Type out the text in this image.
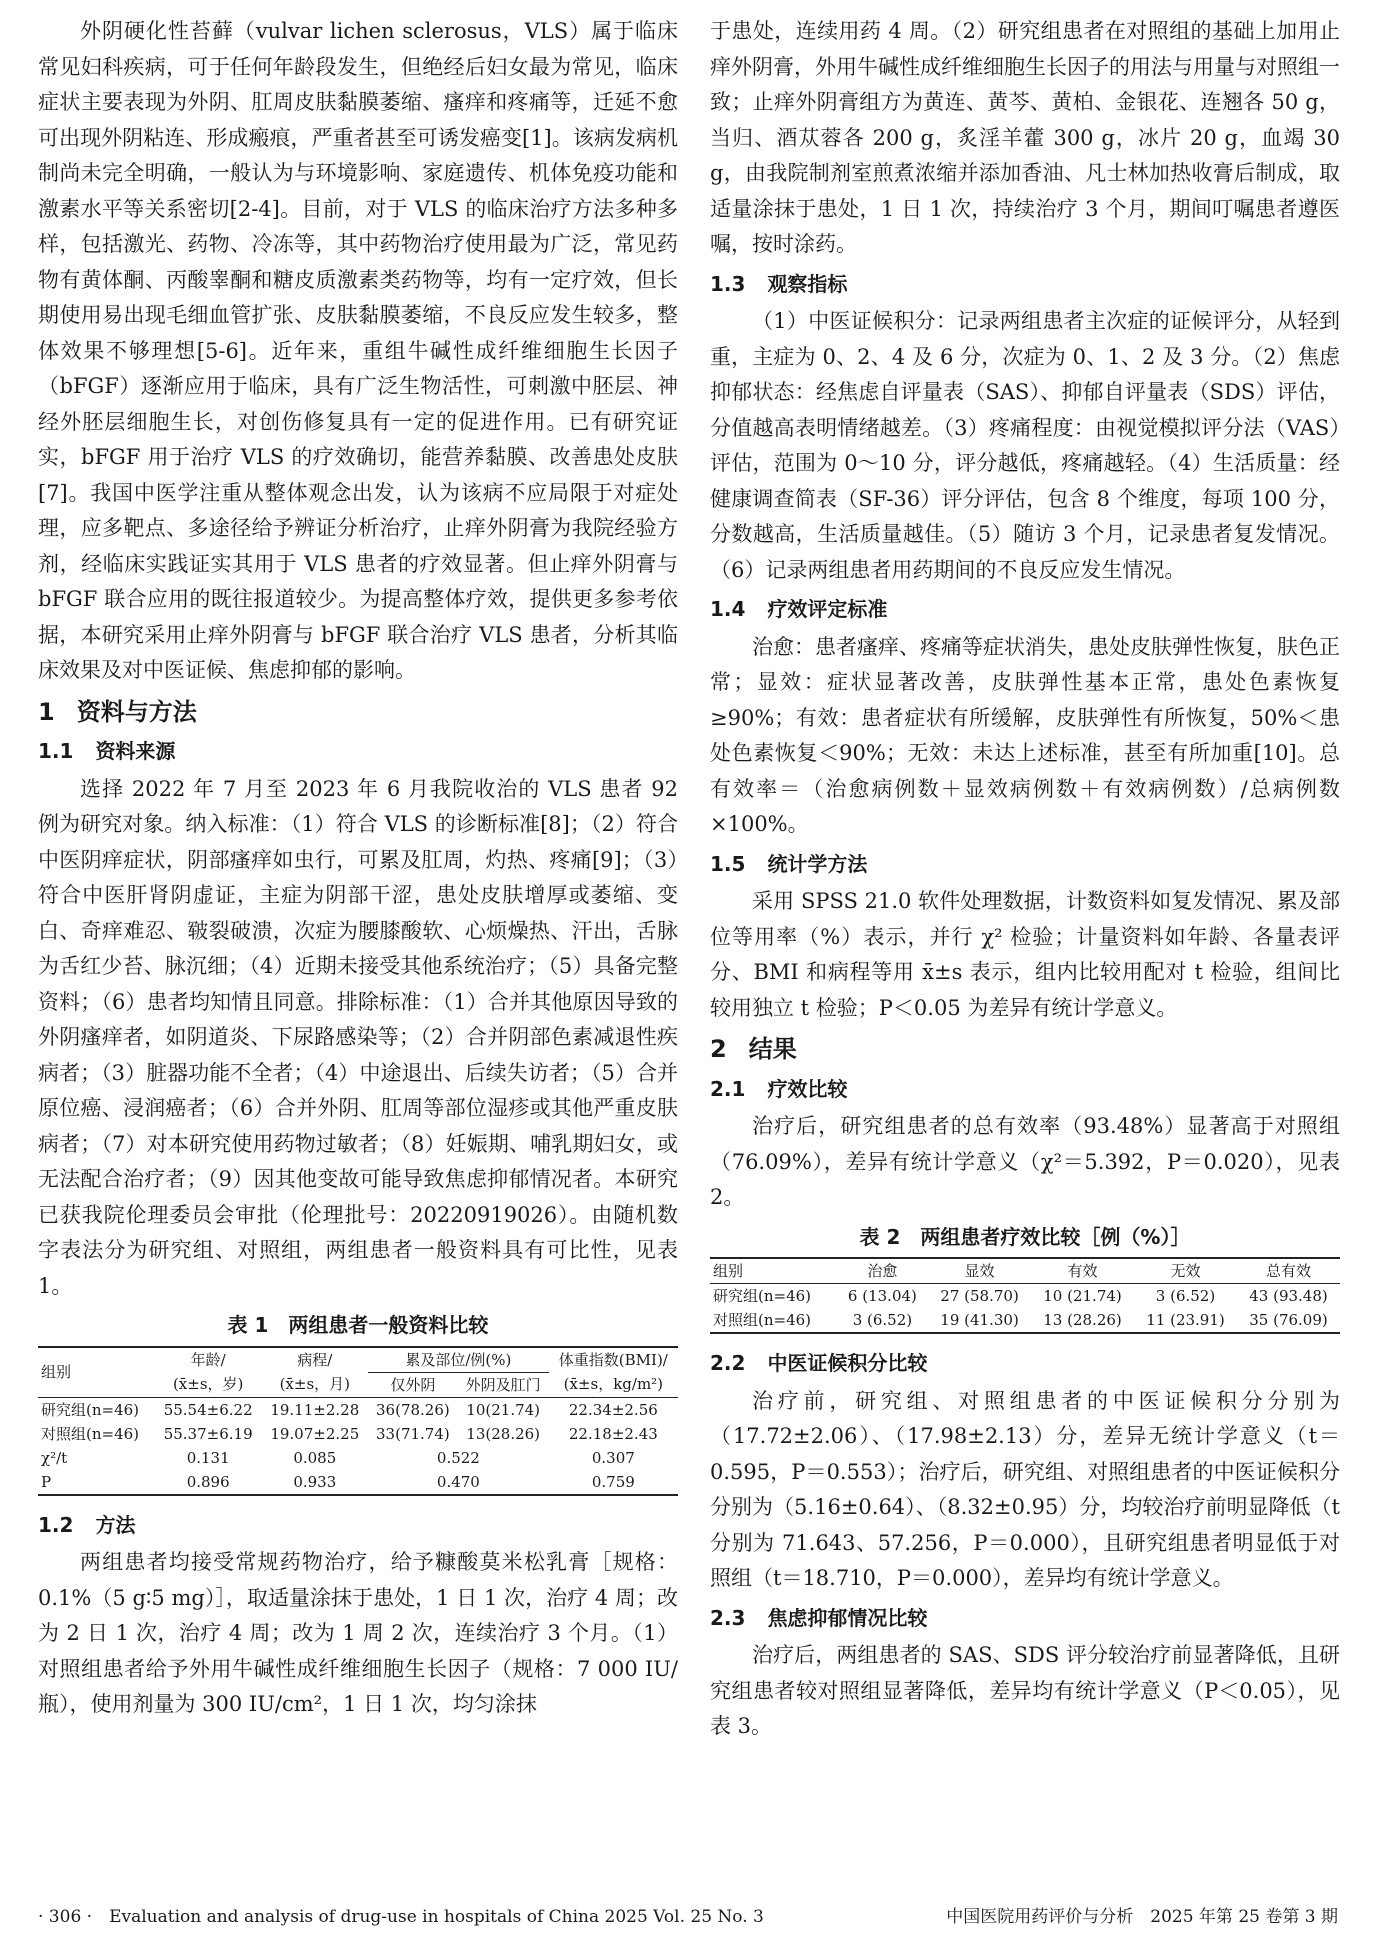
外阴硬化性苔藓（vulvar lichen sclerosus，VLS）属于临床常见妇科疾病，可于任何年龄段发生，但绝经后妇女最为常见，临床症状主要表现为外阴、肛周皮肤黏膜萎缩、瘙痒和疼痛等，迁延不愈可出现外阴粘连、形成瘢痕，严重者甚至可诱发癌变[1]。该病发病机制尚未完全明确，一般认为与环境影响、家庭遗传、机体免疫功能和激素水平等关系密切[2-4]。目前，对于 VLS 的临床治疗方法多种多样，包括激光、药物、冷冻等，其中药物治疗使用最为广泛，常见药物有黄体酮、丙酸睾酮和糖皮质激素类药物等，均有一定疗效，但长期使用易出现毛细血管扩张、皮肤黏膜萎缩，不良反应发生较多，整体效果不够理想[5-6]。近年来，重组牛碱性成纤维细胞生长因子（bFGF）逐渐应用于临床，具有广泛生物活性，可刺激中胚层、神经外胚层细胞生长，对创伤修复具有一定的促进作用。已有研究证实，bFGF 用于治疗 VLS 的疗效确切，能营养黏膜、改善患处皮肤[7]。我国中医学注重从整体观念出发，认为该病不应局限于对症处理，应多靶点、多途径给予辨证分析治疗，止痒外阴膏为我院经验方剂，经临床实践证实其用于 VLS 患者的疗效显著。但止痒外阴膏与 bFGF 联合应用的既往报道较少。为提高整体疗效，提供更多参考依据，本研究采用止痒外阴膏与 bFGF 联合治疗 VLS 患者，分析其临床效果及对中医证候、焦虑抑郁的影响。

1 资料与方法
1.1 资料来源

选择 2022 年 7 月至 2023 年 6 月我院收治的 VLS 患者 92 例为研究对象。纳入标准：（1）符合 VLS 的诊断标准[8]；（2）符合中医阴痒症状，阴部瘙痒如虫行，可累及肛周，灼热、疼痛[9]；（3）符合中医肝肾阴虚证，主症为阴部干涩，患处皮肤增厚或萎缩、变白、奇痒难忍、皲裂破溃，次症为腰膝酸软、心烦燥热、汗出，舌脉为舌红少苔、脉沉细；（4）近期未接受其他系统治疗；（5）具备完整资料；（6）患者均知情且同意。排除标准：（1）合并其他原因导致的外阴瘙痒者，如阴道炎、下尿路感染等；（2）合并阴部色素减退性疾病者；（3）脏器功能不全者；（4）中途退出、后续失访者；（5）合并原位癌、浸润癌者；（6）合并外阴、肛周等部位湿疹或其他严重皮肤病者；（7）对本研究使用药物过敏者；（8）妊娠期、哺乳期妇女，或无法配合治疗者；（9）因其他变故可能导致焦虑抑郁情况者。本研究已获我院伦理委员会审批（伦理批号：20220919026）。由随机数字表法分为研究组、对照组，两组患者一般资料具有可比性，见表 1。

表 1　两组患者一般资料比较
组别	年龄/	病程/	累及部位/例(%)		体重指数(BMI)/
	(x̄±s，岁)	(x̄±s，月)	仅外阴	外阴及肛门	(x̄±s，kg/m²)
研究组(n=46)	55.54±6.22	19.11±2.28	36(78.26)	10(21.74)	22.34±2.56
对照组(n=46)	55.37±6.19	19.07±2.25	33(71.74)	13(28.26)	22.18±2.43
χ²/t	0.131	0.085	0.522		0.307
P	0.896	0.933	0.470		0.759
1.2 方法

两组患者均接受常规药物治疗，给予糠酸莫米松乳膏［规格：0.1%（5 g∶5 mg）］，取适量涂抹于患处，1 日 1 次，治疗 4 周；改为 2 日 1 次，治疗 4 周；改为 1 周 2 次，连续治疗 3 个月。（1）对照组患者给予外用牛碱性成纤维细胞生长因子（规格：7 000 IU/瓶），使用剂量为 300 IU/cm²，1 日 1 次，均匀涂抹

于患处，连续用药 4 周。（2）研究组患者在对照组的基础上加用止痒外阴膏，外用牛碱性成纤维细胞生长因子的用法与用量与对照组一致；止痒外阴膏组方为黄连、黄芩、黄柏、金银花、连翘各 50 g，当归、酒苁蓉各 200 g，炙淫羊藿 300 g，冰片 20 g，血竭 30 g，由我院制剂室煎煮浓缩并添加香油、凡士林加热收膏后制成，取适量涂抹于患处，1 日 1 次，持续治疗 3 个月，期间叮嘱患者遵医嘱，按时涂药。

1.3 观察指标

（1）中医证候积分：记录两组患者主次症的证候评分，从轻到重，主症为 0、2、4 及 6 分，次症为 0、1、2 及 3 分。（2）焦虑抑郁状态：经焦虑自评量表（SAS）、抑郁自评量表（SDS）评估，分值越高表明情绪越差。（3）疼痛程度：由视觉模拟评分法（VAS）评估，范围为 0～10 分，评分越低，疼痛越轻。（4）生活质量：经健康调查简表（SF-36）评分评估，包含 8 个维度，每项 100 分，分数越高，生活质量越佳。（5）随访 3 个月，记录患者复发情况。（6）记录两组患者用药期间的不良反应发生情况。

1.4 疗效评定标准

治愈：患者瘙痒、疼痛等症状消失，患处皮肤弹性恢复，肤色正常；显效：症状显著改善，皮肤弹性基本正常，患处色素恢复≥90%；有效：患者症状有所缓解，皮肤弹性有所恢复，50%＜患处色素恢复＜90%；无效：未达上述标准，甚至有所加重[10]。总有效率＝（治愈病例数＋显效病例数＋有效病例数）/总病例数×100%。

1.5 统计学方法

采用 SPSS 21.0 软件处理数据，计数资料如复发情况、累及部位等用率（%）表示，并行 χ² 检验；计量资料如年龄、各量表评分、BMI 和病程等用 x̄±s 表示，组内比较用配对 t 检验，组间比较用独立 t 检验；P＜0.05 为差异有统计学意义。

2 结果
2.1 疗效比较

治疗后，研究组患者的总有效率（93.48%）显著高于对照组（76.09%），差异有统计学意义（χ²＝5.392，P＝0.020），见表 2。

表 2　两组患者疗效比较［例（%）］
组别	治愈	显效	有效	无效	总有效
研究组(n=46)	6 (13.04)	27 (58.70)	10 (21.74)	3 (6.52)	43 (93.48)
对照组(n=46)	3 (6.52)	19 (41.30)	13 (28.26)	11 (23.91)	35 (76.09)
2.2 中医证候积分比较

治疗前，研究组、对照组患者的中医证候积分分别为（17.72±2.06）、（17.98±2.13）分，差异无统计学意义（t＝0.595，P＝0.553）；治疗后，研究组、对照组患者的中医证候积分分别为（5.16±0.64）、（8.32±0.95）分，均较治疗前明显降低（t 分别为 71.643、57.256，P＝0.000），且研究组患者明显低于对照组（t＝18.710，P＝0.000），差异均有统计学意义。

2.3 焦虑抑郁情况比较

治疗后，两组患者的 SAS、SDS 评分较治疗前显著降低，且研究组患者较对照组显著降低，差异均有统计学意义（P＜0.05），见表 3。

· 306 ·　Evaluation and analysis of drug-use in hospitals of China 2025 Vol. 25 No. 3	中国医院用药评价与分析　2025 年第 25 卷第 3 期
